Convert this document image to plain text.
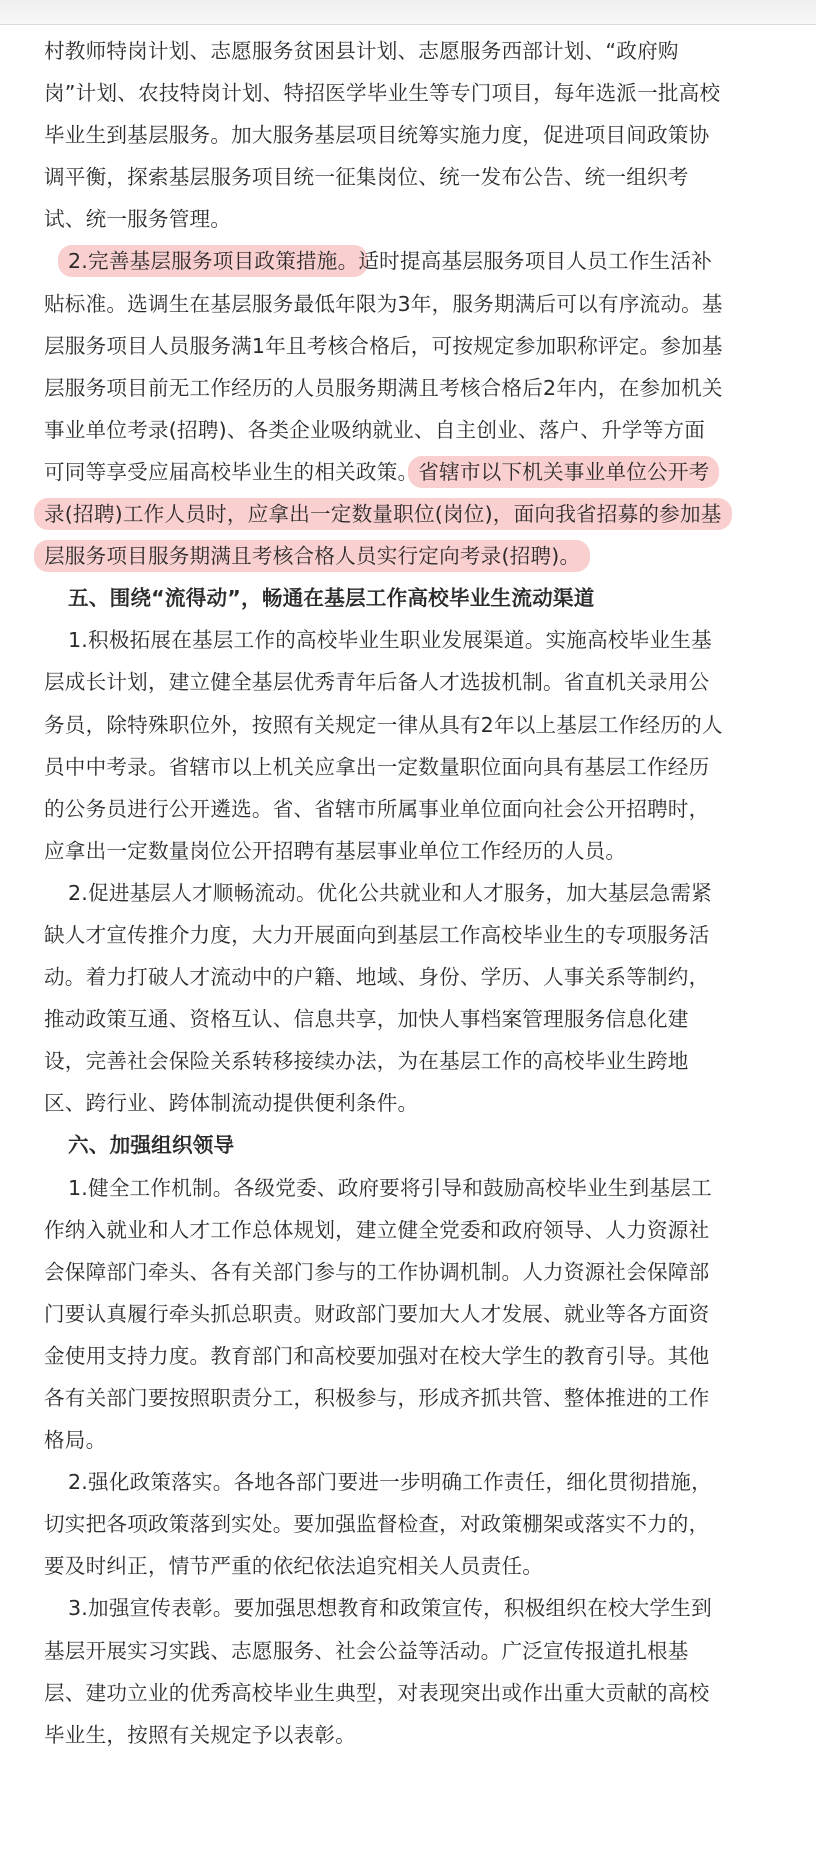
村教师特岗计划、志愿服务贫困县计划、志愿服务西部计划、“政府购岗”计划、农技特岗计划、特招医学毕业生等专门项目，每年选派一批高校毕业生到基层服务。加大服务基层项目统筹实施力度，促进项目间政策协调平衡，探索基层服务项目统一征集岗位、统一发布公告、统一组织考试、统一服务管理。

2.完善基层服务项目政策措施。适时提高基层服务项目人员工作生活补贴标准。选调生在基层服务最低年限为3年，服务期满后可以有序流动。基层服务项目人员服务满1年且考核合格后，可按规定参加职称评定。参加基层服务项目前无工作经历的人员服务期满且考核合格后2年内，在参加机关事业单位考录(招聘)、各类企业吸纳就业、自主创业、落户、升学等方面可同等享受应届高校毕业生的相关政策。省辖市以下机关事业单位公开考录(招聘)工作人员时，应拿出一定数量职位(岗位)，面向我省招募的参加基层服务项目服务期满且考核合格人员实行定向考录(招聘)。

五、围绕“流得动”，畅通在基层工作高校毕业生流动渠道

1.积极拓展在基层工作的高校毕业生职业发展渠道。实施高校毕业生基层成长计划，建立健全基层优秀青年后备人才选拔机制。省直机关录用公务员，除特殊职位外，按照有关规定一律从具有2年以上基层工作经历的人员中中考录。省辖市以上机关应拿出一定数量职位面向具有基层工作经历的公务员进行公开遴选。省、省辖市所属事业单位面向社会公开招聘时，应拿出一定数量岗位公开招聘有基层事业单位工作经历的人员。

2.促进基层人才顺畅流动。优化公共就业和人才服务，加大基层急需紧缺人才宣传推介力度，大力开展面向到基层工作高校毕业生的专项服务活动。着力打破人才流动中的户籍、地域、身份、学历、人事关系等制约，推动政策互通、资格互认、信息共享，加快人事档案管理服务信息化建设，完善社会保险关系转移接续办法，为在基层工作的高校毕业生跨地区、跨行业、跨体制流动提供便利条件。

六、加强组织领导

1.健全工作机制。各级党委、政府要将引导和鼓励高校毕业生到基层工作纳入就业和人才工作总体规划，建立健全党委和政府领导、人力资源社会保障部门牵头、各有关部门参与的工作协调机制。人力资源社会保障部门要认真履行牵头抓总职责。财政部门要加大人才发展、就业等各方面资金使用支持力度。教育部门和高校要加强对在校大学生的教育引导。其他各有关部门要按照职责分工，积极参与，形成齐抓共管、整体推进的工作格局。

2.强化政策落实。各地各部门要进一步明确工作责任，细化贯彻措施，切实把各项政策落到实处。要加强监督检查，对政策棚架或落实不力的，要及时纠正，情节严重的依纪依法追究相关人员责任。

3.加强宣传表彰。要加强思想教育和政策宣传，积极组织在校大学生到基层开展实习实践、志愿服务、社会公益等活动。广泛宣传报道扎根基层、建功立业的优秀高校毕业生典型，对表现突出或作出重大贡献的高校毕业生，按照有关规定予以表彰。
